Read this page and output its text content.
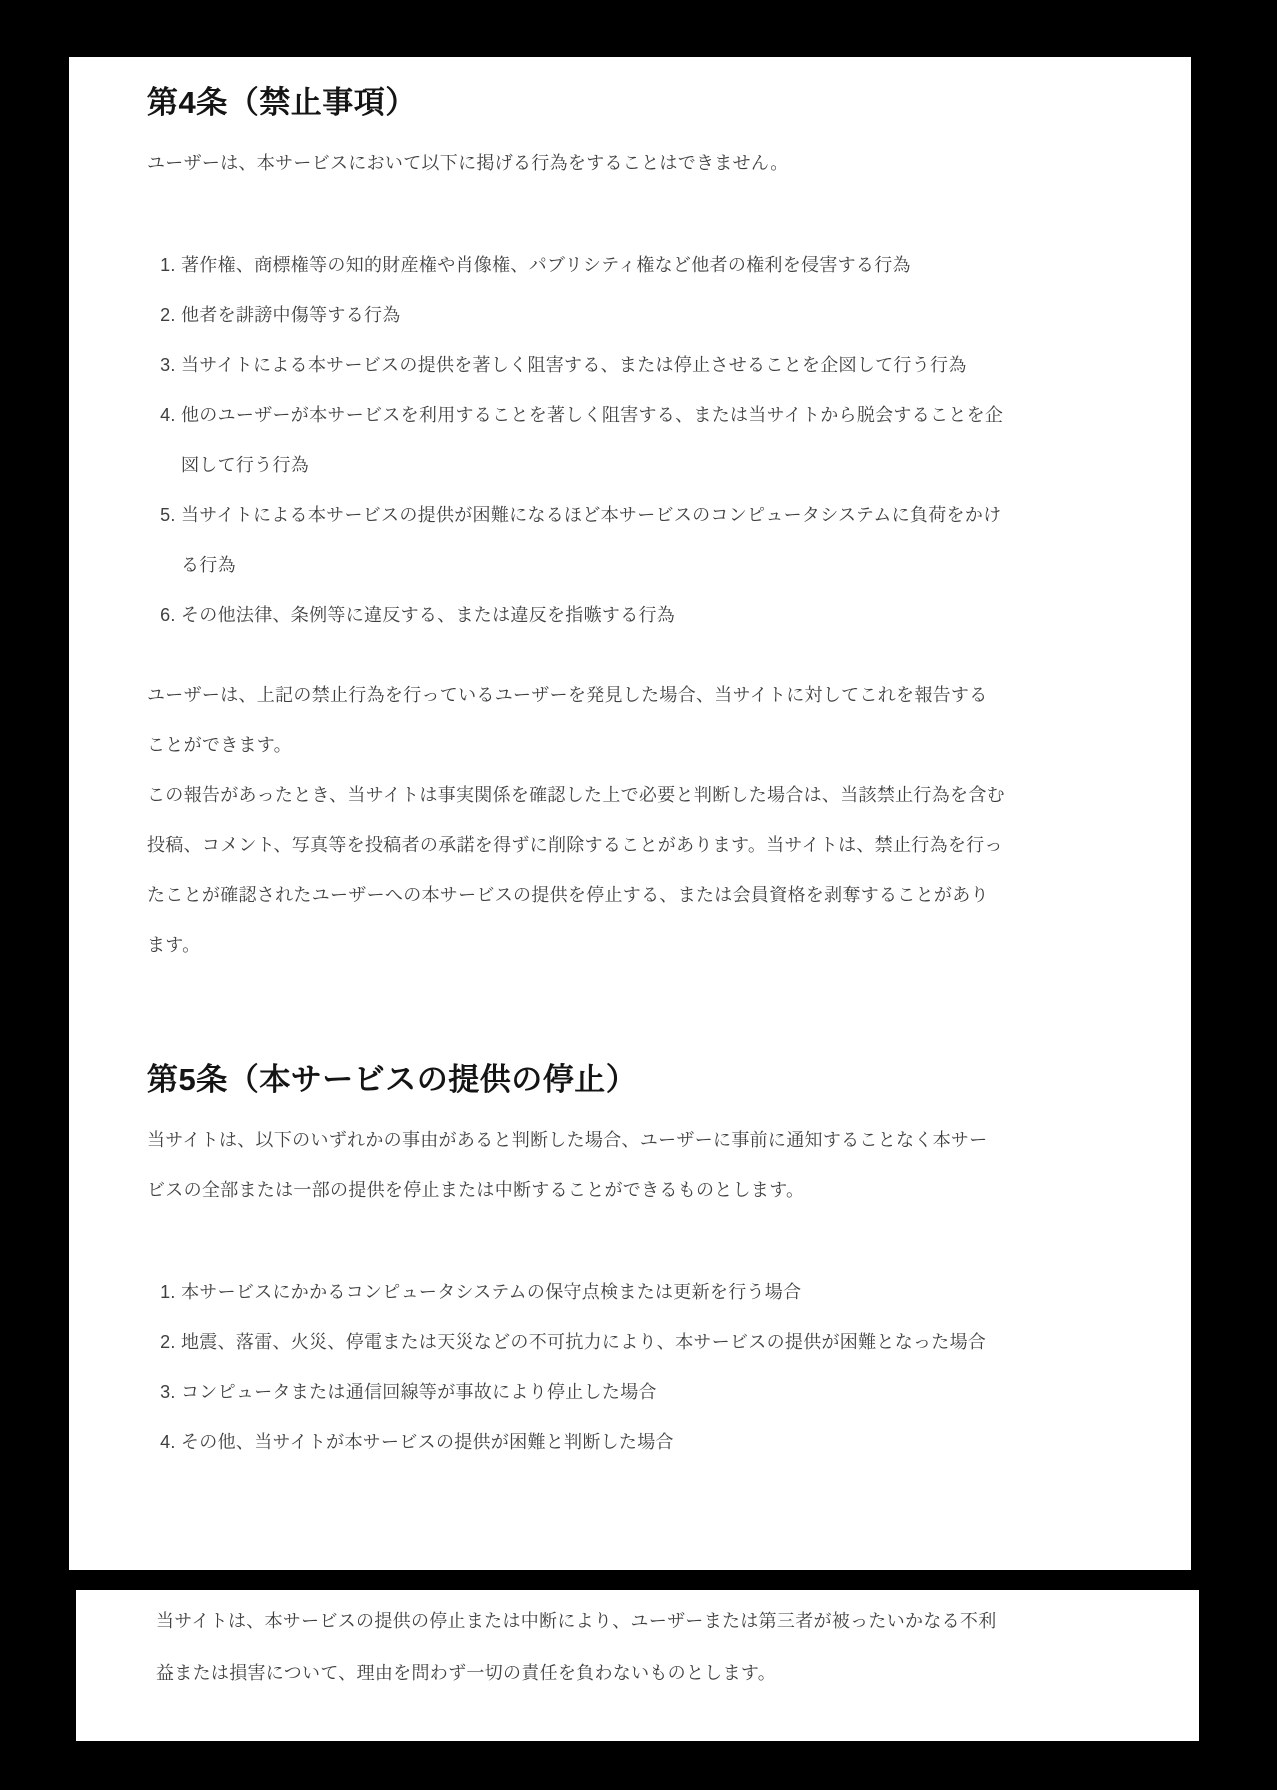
第4条（禁止事項）

ユーザーは、本サービスにおいて以下に掲げる行為をすることはできません。

1. 著作権、商標権等の知的財産権や肖像権、パブリシティ権など他者の権利を侵害する行為
2. 他者を誹謗中傷等する行為
3. 当サイトによる本サービスの提供を著しく阻害する、または停止させることを企図して行う行為
4. 他のユーザーが本サービスを利用することを著しく阻害する、または当サイトから脱会することを企図して行う行為
5. 当サイトによる本サービスの提供が困難になるほど本サービスのコンピュータシステムに負荷をかける行為
6. その他法律、条例等に違反する、または違反を指嗾する行為

ユーザーは、上記の禁止行為を行っているユーザーを発見した場合、当サイトに対してこれを報告することができます。

この報告があったとき、当サイトは事実関係を確認した上で必要と判断した場合は、当該禁止行為を含む投稿、コメント、写真等を投稿者の承諾を得ずに削除することがあります。当サイトは、禁止行為を行ったことが確認されたユーザーへの本サービスの提供を停止する、または会員資格を剥奪することがあります。

第5条（本サービスの提供の停止）

当サイトは、以下のいずれかの事由があると判断した場合、ユーザーに事前に通知することなく本サービスの全部または一部の提供を停止または中断することができるものとします。

1. 本サービスにかかるコンピュータシステムの保守点検または更新を行う場合
2. 地震、落雷、火災、停電または天災などの不可抗力により、本サービスの提供が困難となった場合
3. コンピュータまたは通信回線等が事故により停止した場合
4. その他、当サイトが本サービスの提供が困難と判断した場合

当サイトは、本サービスの提供の停止または中断により、ユーザーまたは第三者が被ったいかなる不利益または損害について、理由を問わず一切の責任を負わないものとします。
